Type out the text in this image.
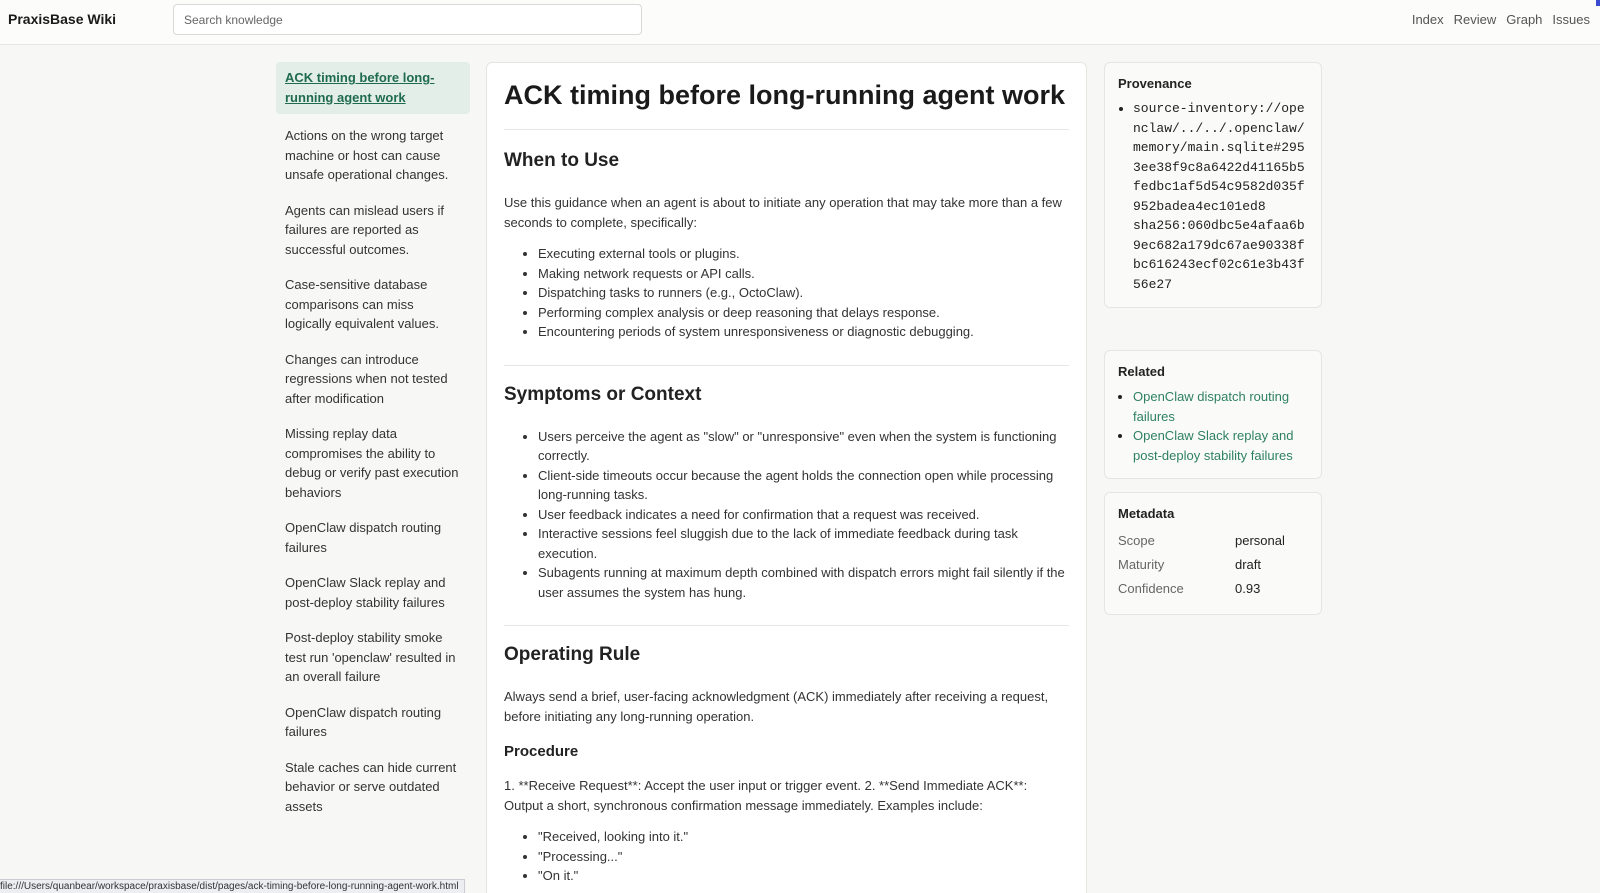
PraxisBase Wiki
Search knowledge	Index Review Graph Issues
ACK timing before long-running agent work
Actions on the wrong target machine or host can cause unsafe operational changes.
Agents can mislead users if failures are reported as successful outcomes.
Case-sensitive database comparisons can miss logically equivalent values.
Changes can introduce regressions when not tested after modification
Missing replay data compromises the ability to debug or verify past execution behaviors
OpenClaw dispatch routing failures
OpenClaw Slack replay and post-deploy stability failures
Post-deploy stability smoke test run 'openclaw' resulted in an overall failure
OpenClaw dispatch routing failures
Stale caches can hide current behavior or serve outdated assets
ACK timing before long-running agent work
When to Use

Use this guidance when an agent is about to initiate any operation that may take more than a few seconds to complete, specifically:

• Executing external tools or plugins.
• Making network requests or API calls.
• Dispatching tasks to runners (e.g., OctoClaw).
• Performing complex analysis or deep reasoning that delays response.
• Encountering periods of system unresponsiveness or diagnostic debugging.
Symptoms or Context
• Users perceive the agent as "slow" or "unresponsive" even when the system is functioning correctly.
• Client-side timeouts occur because the agent holds the connection open while processing long-running tasks.
• User feedback indicates a need for confirmation that a request was received.
• Interactive sessions feel sluggish due to the lack of immediate feedback during task execution.
• Subagents running at maximum depth combined with dispatch errors might fail silently if the user assumes the system has hung.
Operating Rule

Always send a brief, user-facing acknowledgment (ACK) immediately after receiving a request, before initiating any long-running operation.

Procedure

1. **Receive Request**: Accept the user input or trigger event. 2. **Send Immediate ACK**: Output a short, synchronous confirmation message immediately. Examples include:

• "Received, looking into it."
• "Processing..."
• "On it."
Provenance
• source-inventory://openclaw/../../.openclaw/memory/main.sqlite#2953ee38f9c8a6422d41165b5fedbc1af5d54c9582d035f952badea4ec101ed8
sha256:060dbc5e4afaa6b9ec682a179dc67ae90338fbc616243ecf02c61e3b43f56e27
Related
• OpenClaw dispatch routing failures
• OpenClaw Slack replay and post-deploy stability failures
Metadata
Scope	personal
Maturity	draft
Confidence	0.93
file:///Users/quanbear/workspace/praxisbase/dist/pages/ack-timing-before-long-running-agent-work.html
